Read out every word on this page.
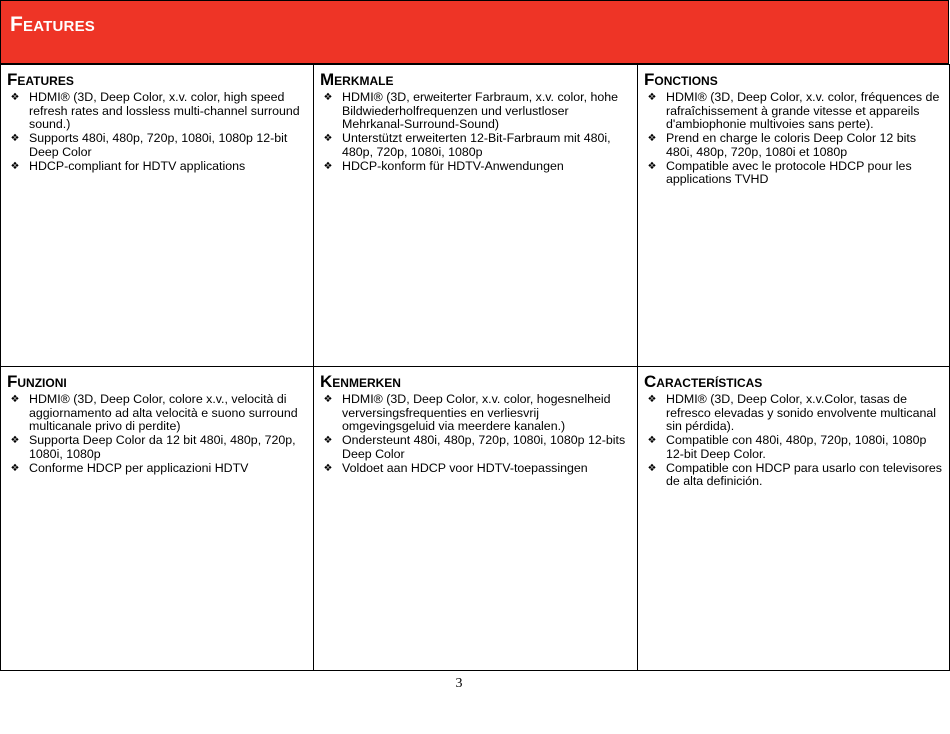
Features
Features
❖ HDMI® (3D, Deep Color, x.v. color, high speed refresh rates and lossless multi-channel surround sound.)
❖ Supports 480i, 480p, 720p, 1080i, 1080p 12-bit Deep Color
❖ HDCP-compliant for HDTV applications
Merkmale
❖ HDMI® (3D, erweiterter Farbraum, x.v. color, hohe Bildwiederholfrequenzen und verlustloser Mehrkanal-Surround-Sound)
❖ Unterstützt erweiterten 12-Bit-Farbraum mit 480i, 480p, 720p, 1080i, 1080p
❖ HDCP-konform für HDTV-Anwendungen
Fonctions
❖ HDMI® (3D, Deep Color, x.v. color, fréquences de rafraîchissement à grande vitesse et appareils d'ambiophonie multivoies sans perte).
❖ Prend en charge le coloris Deep Color 12 bits 480i, 480p, 720p, 1080i et 1080p
❖ Compatible avec le protocole HDCP pour les applications TVHD
Funzioni
❖ HDMI® (3D, Deep Color, colore x.v., velocità di aggiornamento ad alta velocità e suono surround multicanale privo di perdite)
❖ Supporta Deep Color da 12 bit 480i, 480p, 720p, 1080i, 1080p
❖ Conforme HDCP per applicazioni HDTV
Kenmerken
❖ HDMI® (3D, Deep Color, x.v. color, hogesnelheid verversingsfrequenties en verliesvrij omgevingsgeluid via meerdere kanalen.)
❖ Ondersteunt 480i, 480p, 720p, 1080i, 1080p 12-bits Deep Color
❖ Voldoet aan HDCP voor HDTV-toepassingen
Características
❖ HDMI® (3D, Deep Color, x.v.Color, tasas de refresco elevadas y sonido envolvente multicanal sin pérdida).
❖ Compatible con 480i, 480p, 720p, 1080i, 1080p 12-bit Deep Color.
❖ Compatible con HDCP para usarlo con televisores de alta definición.
3
